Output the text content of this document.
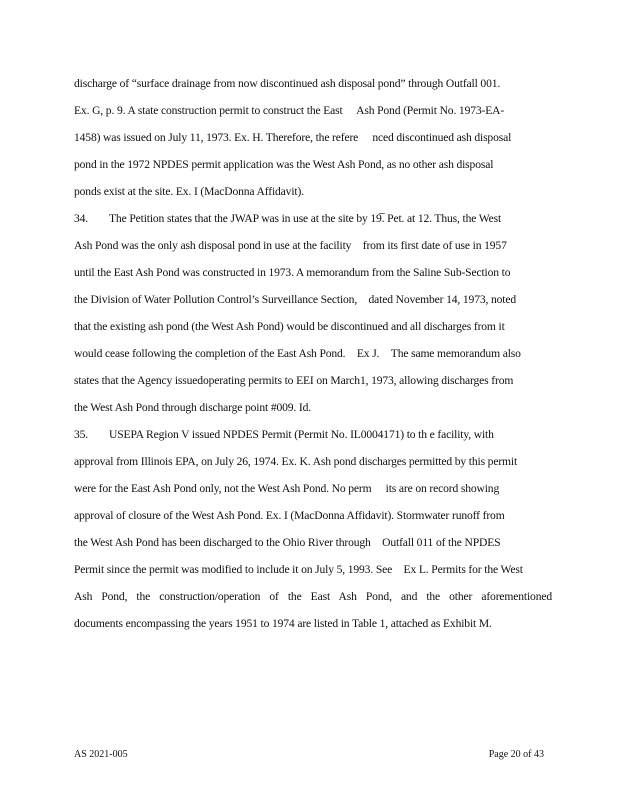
discharge of “surface drainage from now discontinued ash disposal pond” through Outfall 001.
Ex. G, p. 9. A state construction permit to construct the East  Ash Pond (Permit No. 1973-EA-
1458) was issued on July 11, 1973. Ex. H. Therefore, the refere  nced discontinued ash disposal
pond in the 1972 NPDES permit application was the West Ash Pond, as no other ash disposal
ponds exist at the site. Ex. I (MacDonna Affidavit).
34. The Petition states that the JWAP was in use at the site by 19̅. Pet. at 12. Thus, the West
Ash Pond was the only ash disposal pond in use at the facility from its first date of use in 1957
until the East Ash Pond was constructed in 1973. A memorandum from the Saline Sub-Section to
the Division of Water Pollution Control’s Surveillance Section, dated November 14, 1973, noted
that the existing ash pond (the West Ash Pond) would be discontinued and all discharges from it
would cease following the completion of the East Ash Pond. Ex J. The same memorandum also
states that the Agency issuedoperating permits to EEI on March1, 1973, allowing discharges from
the West Ash Pond through discharge point #009. Id.
35. USEPA Region V issued NPDES Permit (Permit No. IL0004171) to th e facility, with
approval from Illinois EPA, on July 26, 1974. Ex. K. Ash pond discharges permitted by this permit
were for the East Ash Pond only, not the West Ash Pond. No perm  its are on record showing
approval of closure of the West Ash Pond. Ex. I (MacDonna Affidavit). Stormwater runoff from
the West Ash Pond has been discharged to the Ohio River through Outfall 011 of the NPDES
Permit since the permit was modified to include it on July 5, 1993. See Ex L. Permits for the West
Ash Pond, the construction/operation of the East Ash Pond, and the other aforementioned
documents encompassing the years 1951 to 1974 are listed in Table 1, attached as Exhibit M.
AS 2021-005	Page 20 of 43
